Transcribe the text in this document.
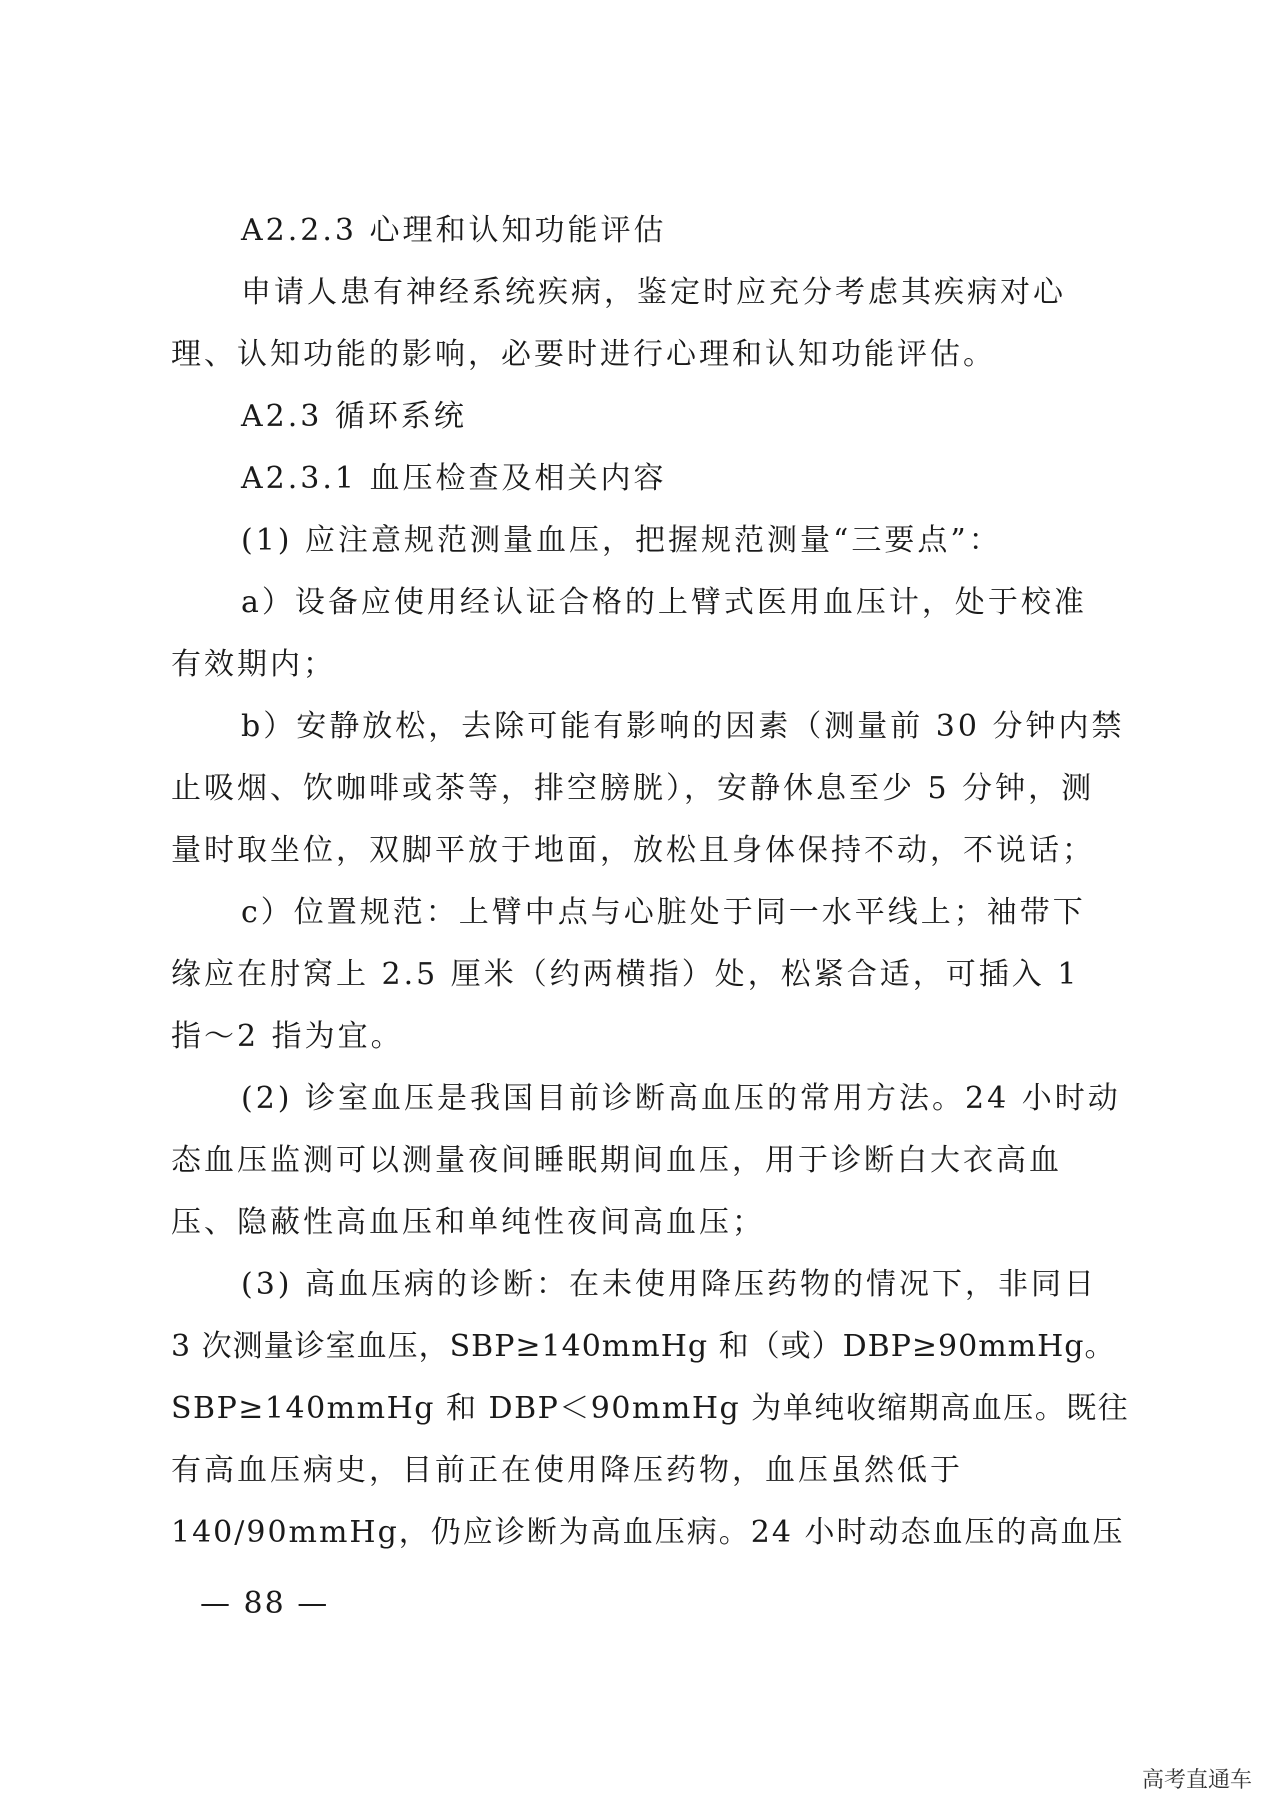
A2.2.3 心理和认知功能评估
申请人患有神经系统疾病，鉴定时应充分考虑其疾病对心
理、认知功能的影响，必要时进行心理和认知功能评估。
A2.3 循环系统
A2.3.1 血压检查及相关内容
(1) 应注意规范测量血压，把握规范测量“三要点”：
a）设备应使用经认证合格的上臂式医用血压计，处于校准
有效期内；
b）安静放松，去除可能有影响的因素（测量前 30 分钟内禁
止吸烟、饮咖啡或茶等，排空膀胱），安静休息至少 5 分钟，测
量时取坐位，双脚平放于地面，放松且身体保持不动，不说话；
c）位置规范：上臂中点与心脏处于同一水平线上；袖带下
缘应在肘窝上 2.5 厘米（约两横指）处，松紧合适，可插入 1
指～2 指为宜。
(2) 诊室血压是我国目前诊断高血压的常用方法。24 小时动
态血压监测可以测量夜间睡眠期间血压，用于诊断白大衣高血
压、隐蔽性高血压和单纯性夜间高血压；
(3) 高血压病的诊断：在未使用降压药物的情况下，非同日
3 次测量诊室血压，SBP≥140mmHg 和（或）DBP≥90mmHg。
SBP≥140mmHg 和 DBP＜90mmHg 为单纯收缩期高血压。既往
有高血压病史，目前正在使用降压药物，血压虽然低于
140/90mmHg，仍应诊断为高血压病。24 小时动态血压的高血压
— 88 —
高考直通车
